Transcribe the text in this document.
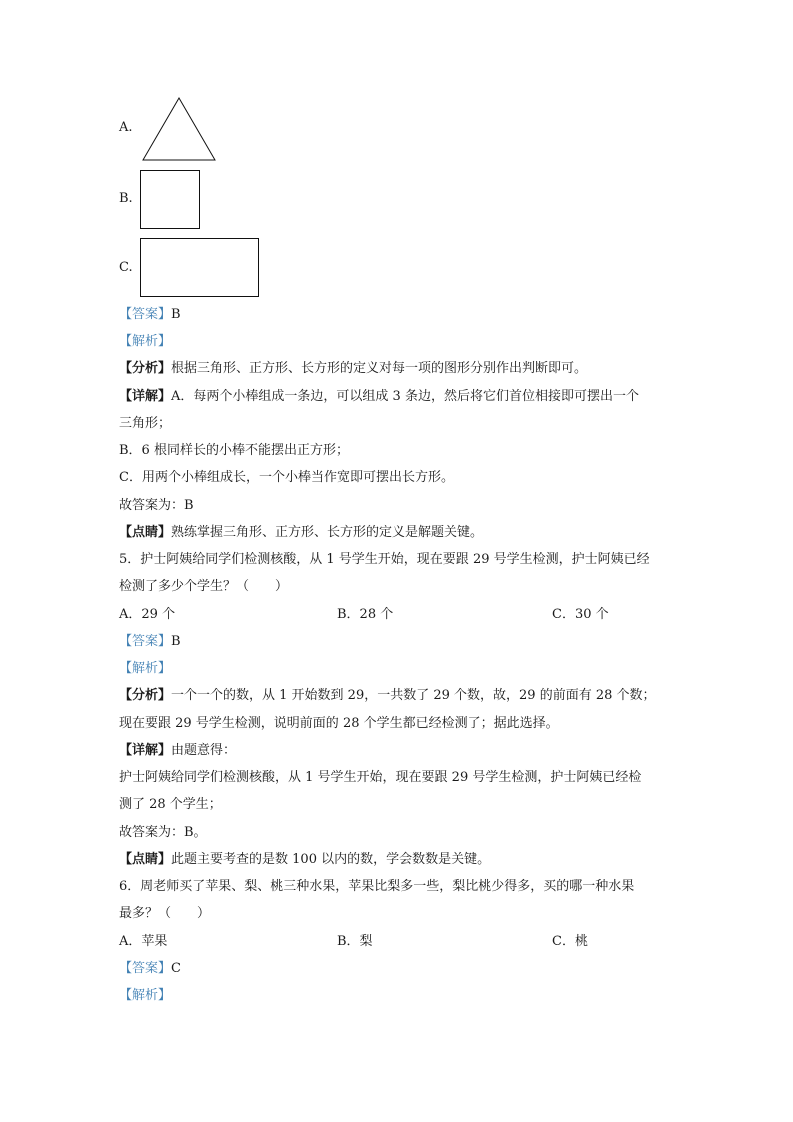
A.
B.
C.
【答案】B
【解析】
【分析】根据三角形、正方形、长方形的定义对每一项的图形分别作出判断即可。
【详解】A．每两个小棒组成一条边，可以组成 3 条边，然后将它们首位相接即可摆出一个
三角形；
B．6 根同样长的小棒不能摆出正方形；
C．用两个小棒组成长，一个小棒当作宽即可摆出长方形。
故答案为：B
【点睛】熟练掌握三角形、正方形、长方形的定义是解题关键。
5．护士阿姨给同学们检测核酸，从 1 号学生开始，现在要跟 29 号学生检测，护士阿姨已经
检测了多少个学生？（　　）
A．29 个	B．28 个	C．30 个
【答案】B
【解析】
【分析】一个一个的数，从 1 开始数到 29，一共数了 29 个数，故，29 的前面有 28 个数；
现在要跟 29 号学生检测，说明前面的 28 个学生都已经检测了；据此选择。
【详解】由题意得：
护士阿姨给同学们检测核酸，从 1 号学生开始，现在要跟 29 号学生检测，护士阿姨已经检
测了 28 个学生；
故答案为：B。
【点睛】此题主要考查的是数 100 以内的数，学会数数是关键。
6．周老师买了苹果、梨、桃三种水果，苹果比梨多一些，梨比桃少得多，买的哪一种水果
最多？（　　）
A．苹果	B．梨	C．桃
【答案】C
【解析】
